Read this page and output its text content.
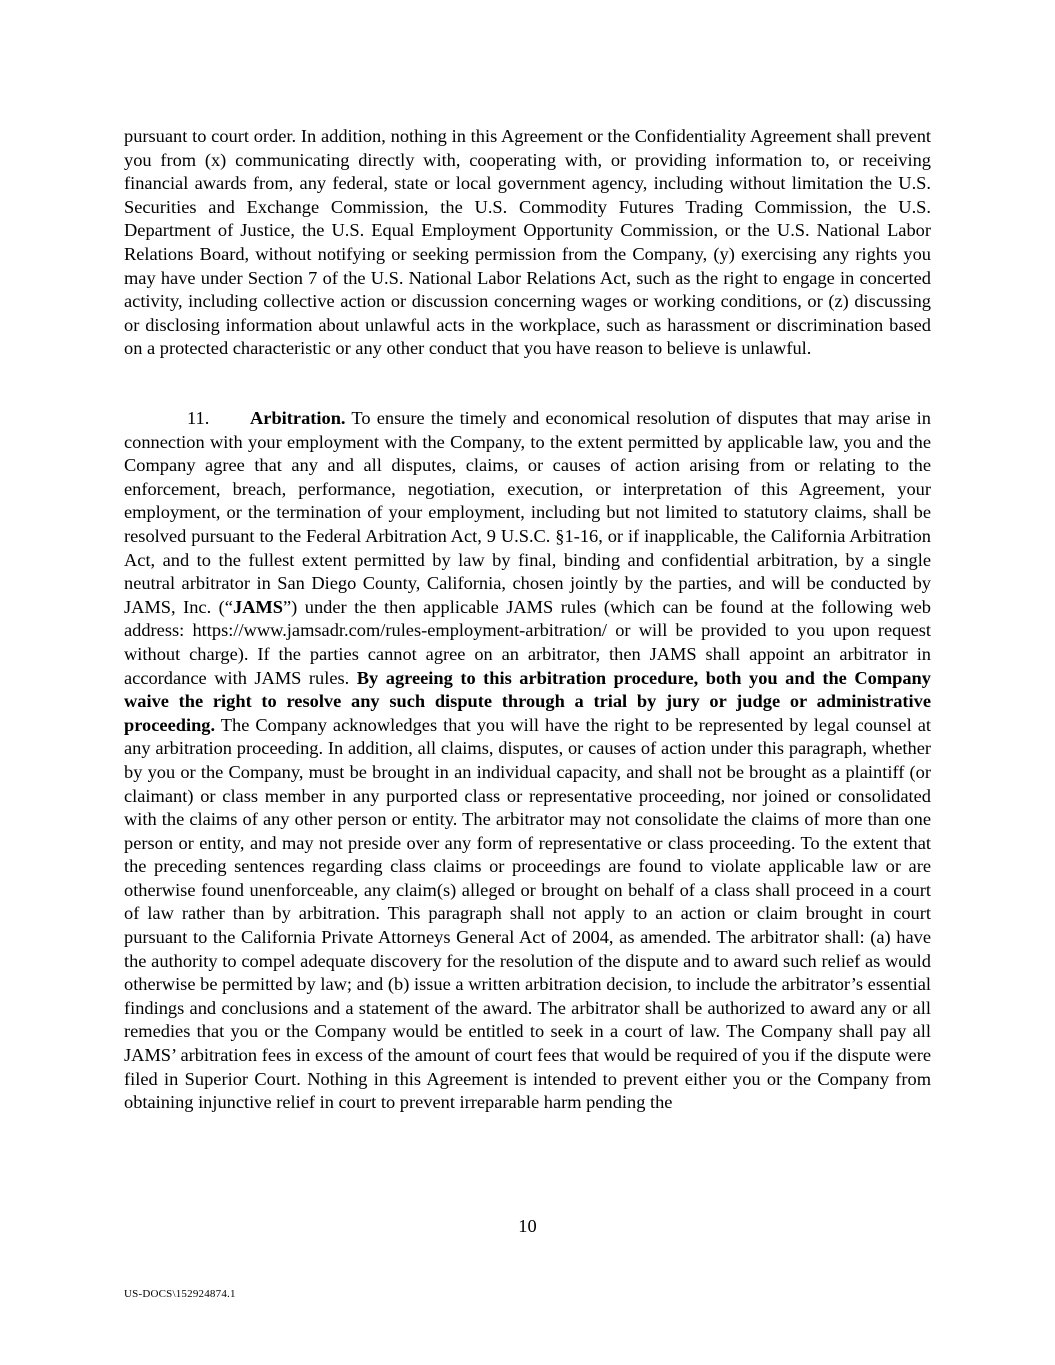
pursuant to court order. In addition, nothing in this Agreement or the Confidentiality Agreement shall prevent you from (x) communicating directly with, cooperating with, or providing information to, or receiving financial awards from, any federal, state or local government agency, including without limitation the U.S. Securities and Exchange Commission, the U.S. Commodity Futures Trading Commission, the U.S. Department of Justice, the U.S. Equal Employment Opportunity Commission, or the U.S. National Labor Relations Board, without notifying or seeking permission from the Company, (y) exercising any rights you may have under Section 7 of the U.S. National Labor Relations Act, such as the right to engage in concerted activity, including collective action or discussion concerning wages or working conditions, or (z) discussing or disclosing information about unlawful acts in the workplace, such as harassment or discrimination based on a protected characteristic or any other conduct that you have reason to believe is unlawful.

11. Arbitration. To ensure the timely and economical resolution of disputes that may arise in connection with your employment with the Company, to the extent permitted by applicable law, you and the Company agree that any and all disputes, claims, or causes of action arising from or relating to the enforcement, breach, performance, negotiation, execution, or interpretation of this Agreement, your employment, or the termination of your employment, including but not limited to statutory claims, shall be resolved pursuant to the Federal Arbitration Act, 9 U.S.C. §1-16, or if inapplicable, the California Arbitration Act, and to the fullest extent permitted by law by final, binding and confidential arbitration, by a single neutral arbitrator in San Diego County, California, chosen jointly by the parties, and will be conducted by JAMS, Inc. (“JAMS”) under the then applicable JAMS rules (which can be found at the following web address: https://www.jamsadr.com/rules-employment-arbitration/ or will be provided to you upon request without charge). If the parties cannot agree on an arbitrator, then JAMS shall appoint an arbitrator in accordance with JAMS rules. By agreeing to this arbitration procedure, both you and the Company waive the right to resolve any such dispute through a trial by jury or judge or administrative proceeding. The Company acknowledges that you will have the right to be represented by legal counsel at any arbitration proceeding. In addition, all claims, disputes, or causes of action under this paragraph, whether by you or the Company, must be brought in an individual capacity, and shall not be brought as a plaintiff (or claimant) or class member in any purported class or representative proceeding, nor joined or consolidated with the claims of any other person or entity. The arbitrator may not consolidate the claims of more than one person or entity, and may not preside over any form of representative or class proceeding. To the extent that the preceding sentences regarding class claims or proceedings are found to violate applicable law or are otherwise found unenforceable, any claim(s) alleged or brought on behalf of a class shall proceed in a court of law rather than by arbitration. This paragraph shall not apply to an action or claim brought in court pursuant to the California Private Attorneys General Act of 2004, as amended. The arbitrator shall: (a) have the authority to compel adequate discovery for the resolution of the dispute and to award such relief as would otherwise be permitted by law; and (b) issue a written arbitration decision, to include the arbitrator’s essential findings and conclusions and a statement of the award. The arbitrator shall be authorized to award any or all remedies that you or the Company would be entitled to seek in a court of law. The Company shall pay all JAMS’ arbitration fees in excess of the amount of court fees that would be required of you if the dispute were filed in Superior Court. Nothing in this Agreement is intended to prevent either you or the Company from obtaining injunctive relief in court to prevent irreparable harm pending the

10
US-DOCS\152924874.1
